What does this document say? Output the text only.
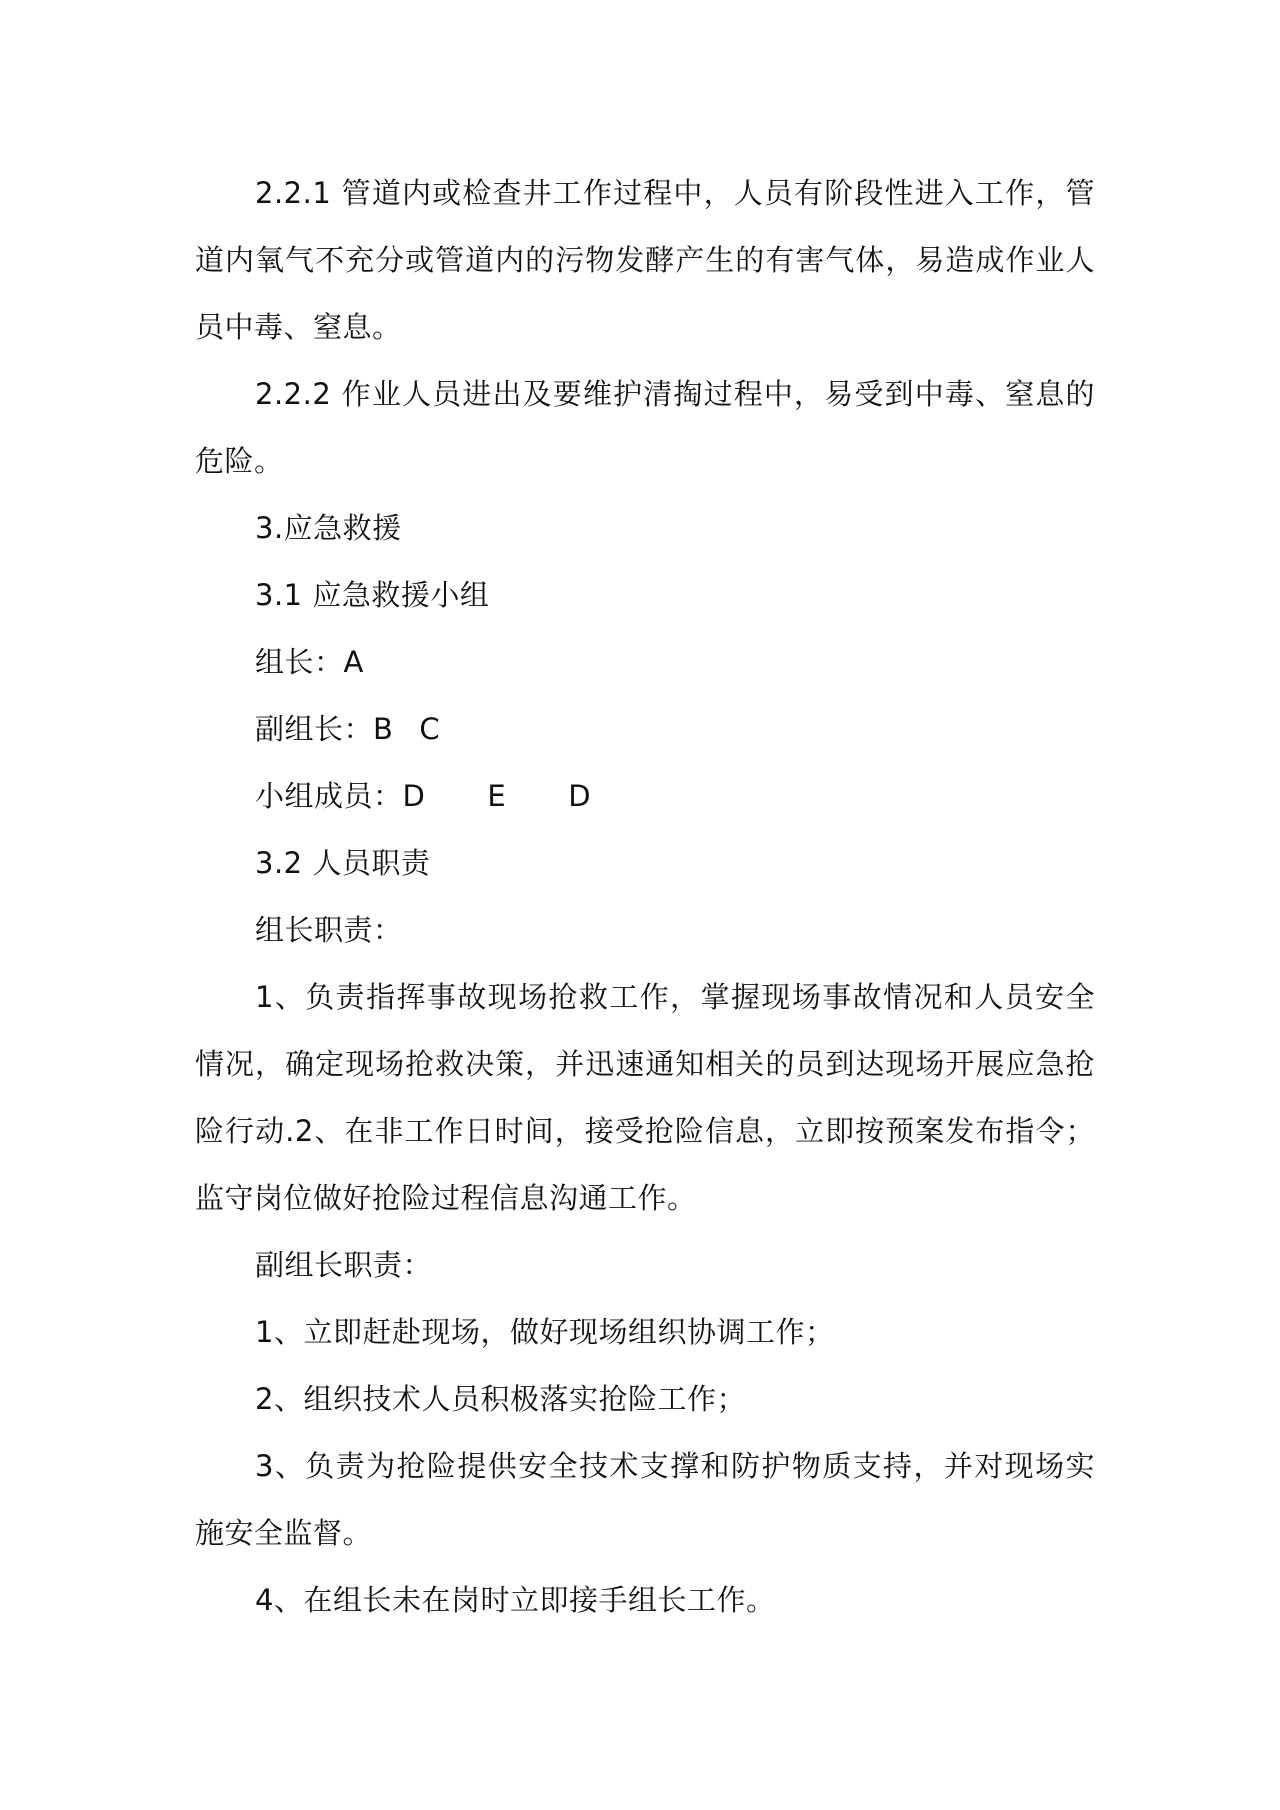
2.2.1 管道内或检查井工作过程中，人员有阶段性进入工作，管道内氧气不充分或管道内的污物发酵产生的有害气体，易造成作业人员中毒、窒息。

2.2.2 作业人员进出及要维护清掏过程中，易受到中毒、窒息的危险。

3.应急救援

3.1 应急救援小组

组长：A

副组长：B C

小组成员：D E D

3.2 人员职责

组长职责：

1、负责指挥事故现场抢救工作，掌握现场事故情况和人员安全情况，确定现场抢救决策，并迅速通知相关的员到达现场开展应急抢险行动.2、在非工作日时间，接受抢险信息，立即按预案发布指令；监守岗位做好抢险过程信息沟通工作。

副组长职责：

1、立即赶赴现场，做好现场组织协调工作；

2、组织技术人员积极落实抢险工作；

3、负责为抢险提供安全技术支撑和防护物质支持，并对现场实施安全监督。

4、在组长未在岗时立即接手组长工作。
